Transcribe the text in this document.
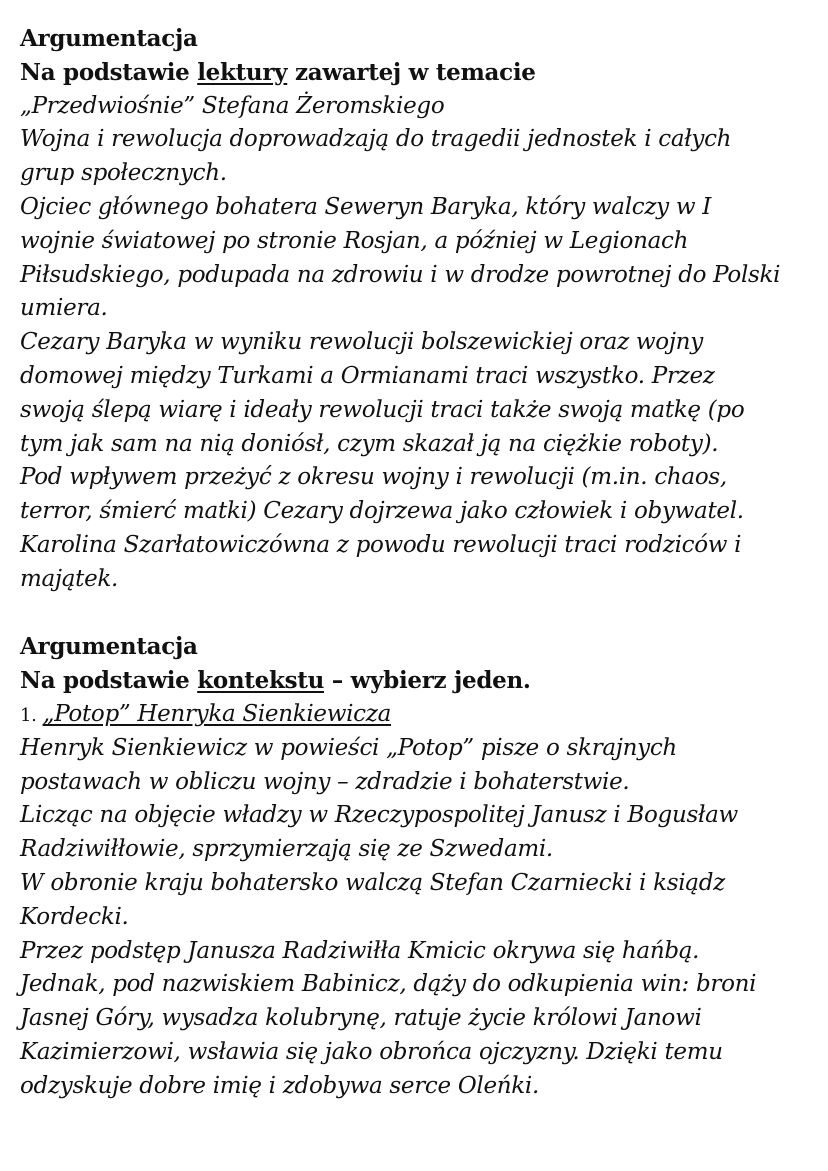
Argumentacja
Na podstawie lektury zawartej w temacie
„Przedwiośnie” Stefana Żeromskiego
Wojna i rewolucja doprowadzają do tragedii jednostek i całych
grup społecznych.
Ojciec głównego bohatera Seweryn Baryka, który walczy w I
wojnie światowej po stronie Rosjan, a później w Legionach
Piłsudskiego, podupada na zdrowiu i w drodze powrotnej do Polski
umiera.
Cezary Baryka w wyniku rewolucji bolszewickiej oraz wojny
domowej między Turkami a Ormianami traci wszystko. Przez
swoją ślepą wiarę i ideały rewolucji traci także swoją matkę (po
tym jak sam na nią doniósł, czym skazał ją na ciężkie roboty).
Pod wpływem przeżyć z okresu wojny i rewolucji (m.in. chaos,
terror, śmierć matki) Cezary dojrzewa jako człowiek i obywatel.
Karolina Szarłatowiczówna z powodu rewolucji traci rodziców i
majątek.
Argumentacja
Na podstawie kontekstu – wybierz jeden.
1. „Potop” Henryka Sienkiewicza
Henryk Sienkiewicz w powieści „Potop” pisze o skrajnych
postawach w obliczu wojny – zdradzie i bohaterstwie.
Licząc na objęcie władzy w Rzeczypospolitej Janusz i Bogusław
Radziwiłłowie, sprzymierzają się ze Szwedami.
W obronie kraju bohatersko walczą Stefan Czarniecki i ksiądz
Kordecki.
Przez podstęp Janusza Radziwiłła Kmicic okrywa się hańbą.
Jednak, pod nazwiskiem Babinicz, dąży do odkupienia win: broni
Jasnej Góry, wysadza kolubrynę, ratuje życie królowi Janowi
Kazimierzowi, wsławia się jako obrońca ojczyzny. Dzięki temu
odzyskuje dobre imię i zdobywa serce Oleńki.
